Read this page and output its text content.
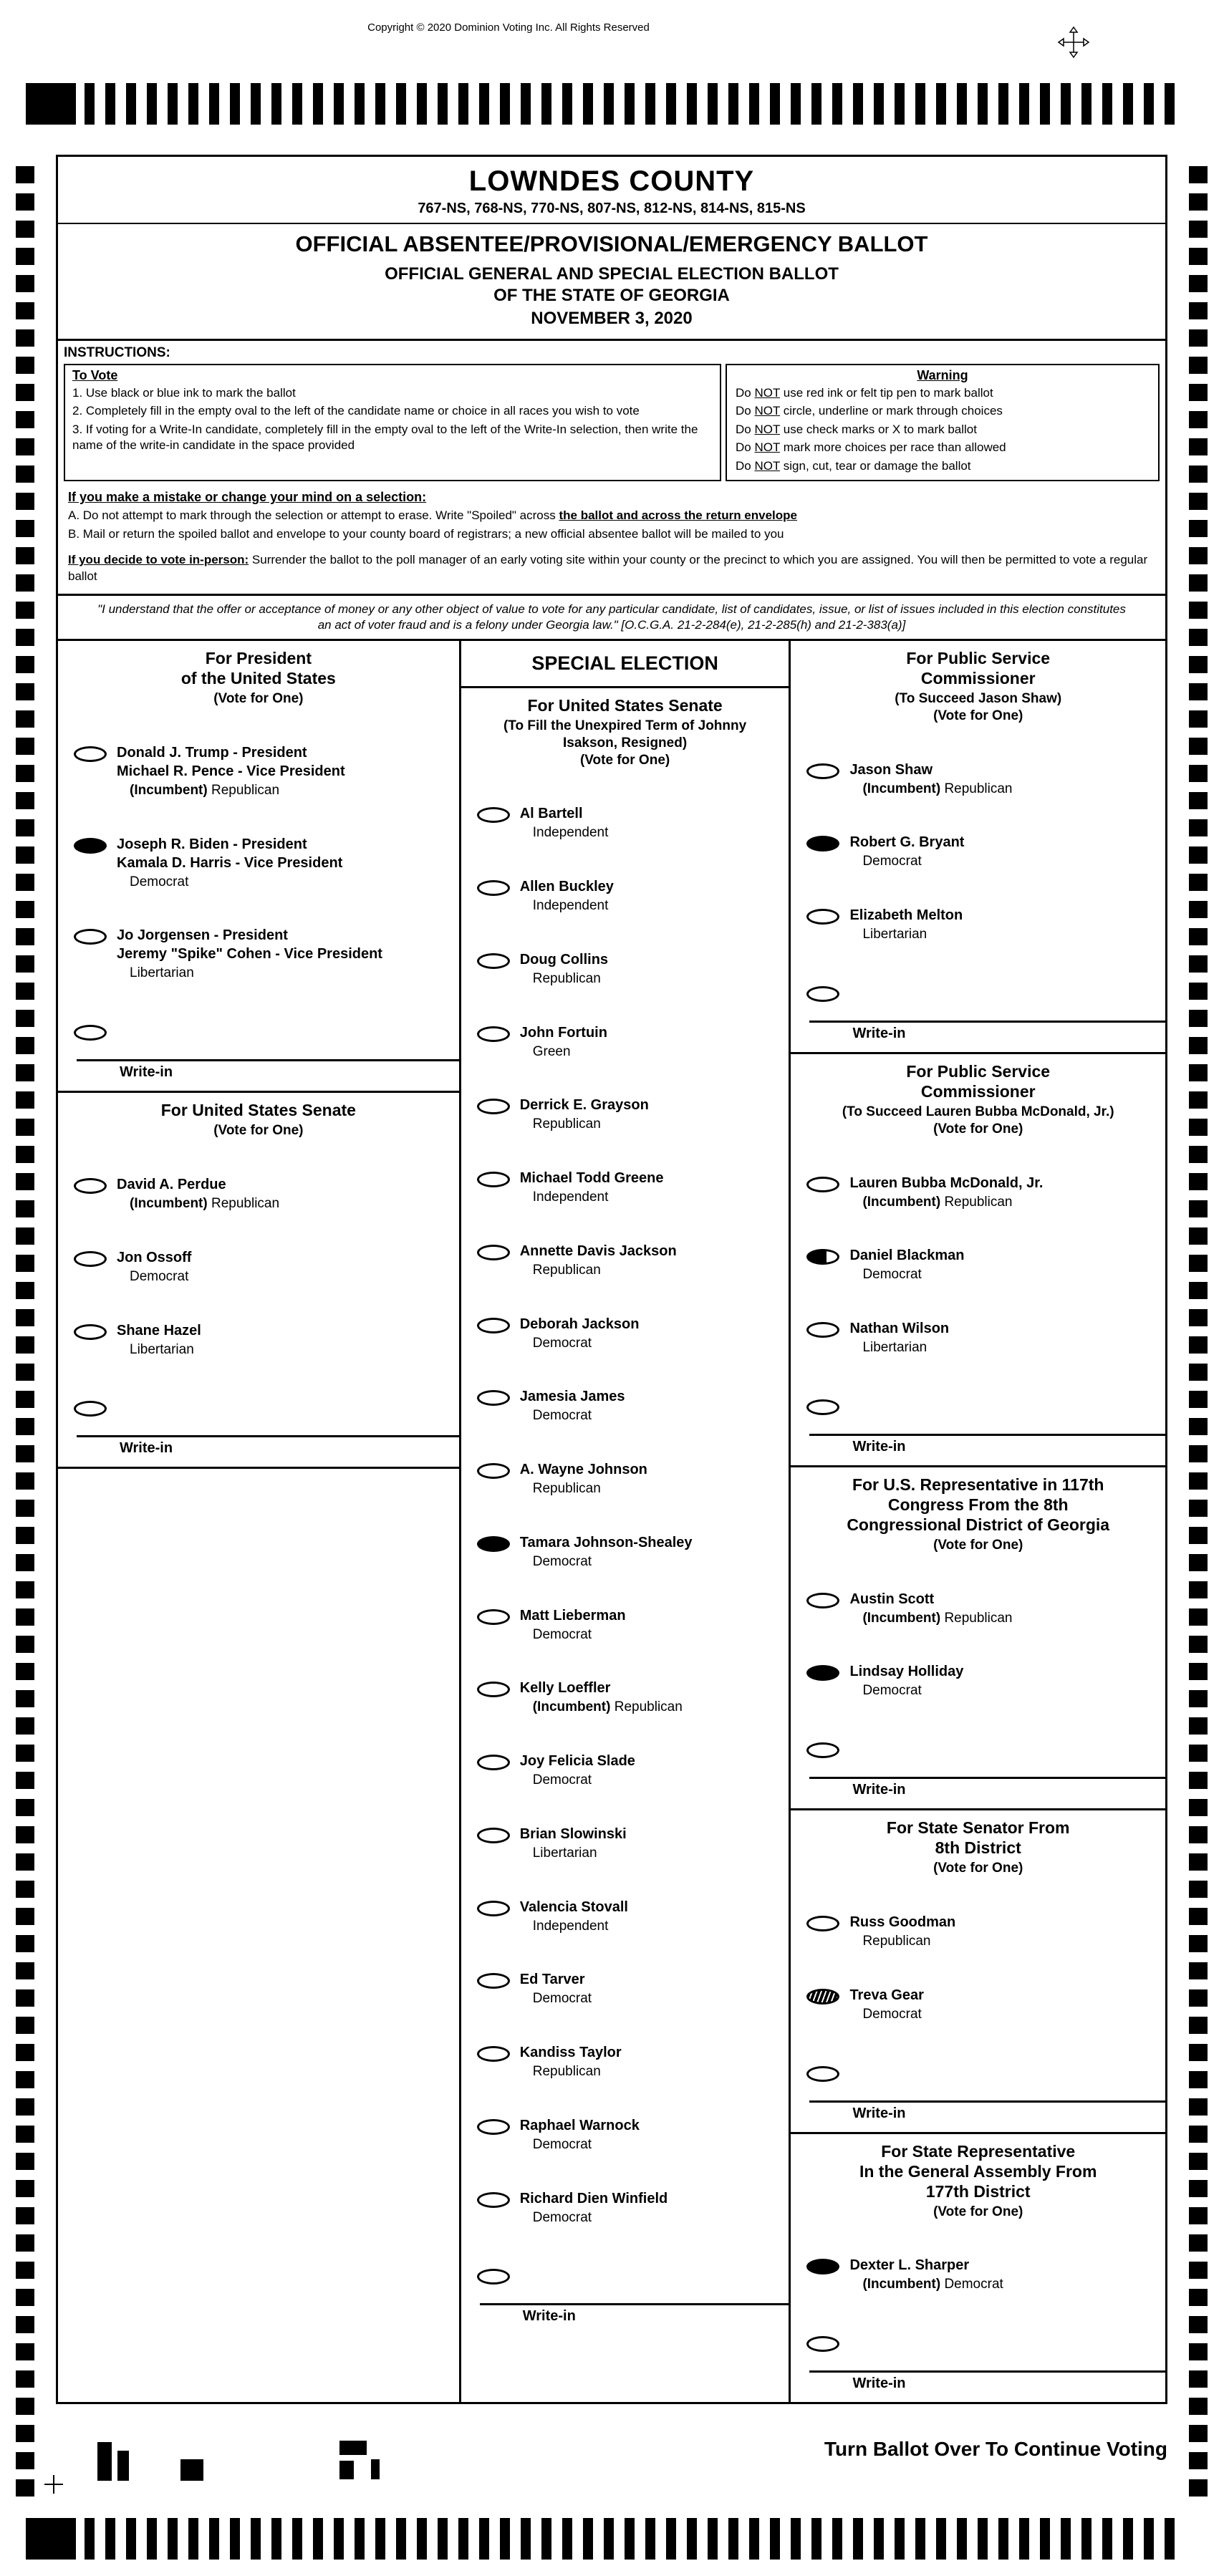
Copyright © 2020 Dominion Voting Inc. All Rights Reserved
LOWNDES COUNTY
767-NS, 768-NS, 770-NS, 807-NS, 812-NS, 814-NS, 815-NS
OFFICIAL ABSENTEE/PROVISIONAL/EMERGENCY BALLOT
OFFICIAL GENERAL AND SPECIAL ELECTION BALLOT
OF THE STATE OF GEORGIA
NOVEMBER 3, 2020
INSTRUCTIONS:
To Vote
1. Use black or blue ink to mark the ballot
2. Completely fill in the empty oval to the left of the candidate name or choice in all races you wish to vote
3. If voting for a Write-In candidate, completely fill in the empty oval to the left of the Write-In selection, then write the name of the write-in candidate in the space provided
Warning
Do NOT use red ink or felt tip pen to mark ballot
Do NOT circle, underline or mark through choices
Do NOT use check marks or X to mark ballot
Do NOT mark more choices per race than allowed
Do NOT sign, cut, tear or damage the ballot
If you make a mistake or change your mind on a selection:
A. Do not attempt to mark through the selection or attempt to erase. Write "Spoiled" across the ballot and across the return envelope
B. Mail or return the spoiled ballot and envelope to your county board of registrars; a new official absentee ballot will be mailed to you
If you decide to vote in-person: Surrender the ballot to the poll manager of an early voting site within your county or the precinct to which you are assigned. You will then be permitted to vote a regular ballot
"I understand that the offer or acceptance of money or any other object of value to vote for any particular candidate, list of candidates, issue, or list of issues included in this election constitutes an act of voter fraud and is a felony under Georgia law." [O.C.G.A. 21-2-284(e), 21-2-285(h) and 21-2-383(a)]
For President
of the United States
(Vote for One)
Donald J. Trump - President
Michael R. Pence - Vice President
(Incumbent) Republican
Joseph R. Biden - President
Kamala D. Harris - Vice President
Democrat
Jo Jorgensen - President
Jeremy "Spike" Cohen - Vice President
Libertarian
Write-in
For United States Senate
(Vote for One)
David A. Perdue
(Incumbent) Republican
Jon Ossoff
Democrat
Shane Hazel
Libertarian
Write-in
SPECIAL ELECTION
For United States Senate
(To Fill the Unexpired Term of Johnny
Isakson, Resigned)
(Vote for One)
Al Bartell
Independent
Allen Buckley
Independent
Doug Collins
Republican
John Fortuin
Green
Derrick E. Grayson
Republican
Michael Todd Greene
Independent
Annette Davis Jackson
Republican
Deborah Jackson
Democrat
Jamesia James
Democrat
A. Wayne Johnson
Republican
Tamara Johnson-Shealey
Democrat
Matt Lieberman
Democrat
Kelly Loeffler
(Incumbent) Republican
Joy Felicia Slade
Democrat
Brian Slowinski
Libertarian
Valencia Stovall
Independent
Ed Tarver
Democrat
Kandiss Taylor
Republican
Raphael Warnock
Democrat
Richard Dien Winfield
Democrat
Write-in
For Public Service
Commissioner
(To Succeed Jason Shaw)
(Vote for One)
Jason Shaw
(Incumbent) Republican
Robert G. Bryant
Democrat
Elizabeth Melton
Libertarian
Write-in
For Public Service
Commissioner
(To Succeed Lauren Bubba McDonald, Jr.)
(Vote for One)
Lauren Bubba McDonald, Jr.
(Incumbent) Republican
Daniel Blackman
Democrat
Nathan Wilson
Libertarian
Write-in
For U.S. Representative in 117th
Congress From the 8th
Congressional District of Georgia
(Vote for One)
Austin Scott
(Incumbent) Republican
Lindsay Holliday
Democrat
Write-in
For State Senator From
8th District
(Vote for One)
Russ Goodman
Republican
Treva Gear
Democrat
Write-in
For State Representative
In the General Assembly From
177th District
(Vote for One)
Dexter L. Sharper
(Incumbent) Democrat
Write-in
Turn Ballot Over To Continue Voting
